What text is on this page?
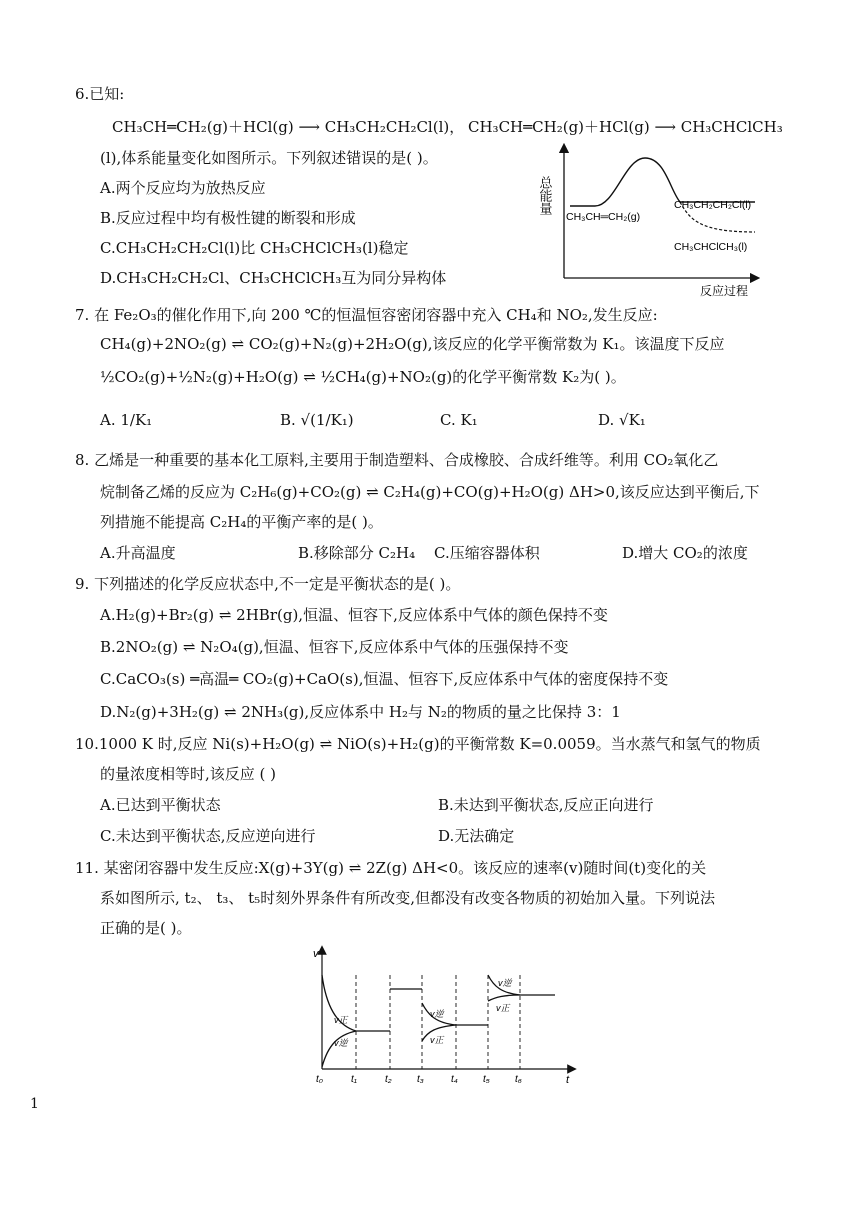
6.已知:
CH₃CH═CH₂(g)＋HCl(g) ⟶ CH₃CH₂CH₂Cl(l)， CH₃CH═CH₂(g)＋HCl(g) ⟶ CH₃CHClCH₃
(l),体系能量变化如图所示。下列叙述错误的是( )。
A.两个反应均为放热反应
B.反应过程中均有极性键的断裂和形成
C.CH₃CH₂CH₂Cl(l)比 CH₃CHClCH₃(l)稳定
D.CH₃CH₂CH₂Cl、CH₃CHClCH₃互为同分异构体
总能量
反应过程
CH₃CH₂CH₂Cl(l)
CH₃CH═CH₂(g)
CH₃CHClCH₃(l)
7. 在 Fe₂O₃的催化作用下,向 200 ℃的恒温恒容密闭容器中充入 CH₄和 NO₂,发生反应:
CH₄(g)+2NO₂(g) ⇌ CO₂(g)+N₂(g)+2H₂O(g),该反应的化学平衡常数为 K₁。该温度下反应
½CO₂(g)+½N₂(g)+H₂O(g) ⇌ ½CH₄(g)+NO₂(g)的化学平衡常数 K₂为( )。
A. 1/K₁	B. √(1/K₁)	C. K₁	D. √K₁
8. 乙烯是一种重要的基本化工原料,主要用于制造塑料、合成橡胶、合成纤维等。利用 CO₂氧化乙
烷制备乙烯的反应为 C₂H₆(g)+CO₂(g) ⇌ C₂H₄(g)+CO(g)+H₂O(g) ΔH>0,该反应达到平衡后,下
列措施不能提高 C₂H₄的平衡产率的是( )。
A.升高温度	B.移除部分 C₂H₄ C.压缩容器体积	D.增大 CO₂的浓度
9. 下列描述的化学反应状态中,不一定是平衡状态的是( )。
A.H₂(g)+Br₂(g) ⇌ 2HBr(g),恒温、恒容下,反应体系中气体的颜色保持不变
B.2NO₂(g) ⇌ N₂O₄(g),恒温、恒容下,反应体系中气体的压强保持不变
C.CaCO₃(s) ═高温═ CO₂(g)+CaO(s),恒温、恒容下,反应体系中气体的密度保持不变
D.N₂(g)+3H₂(g) ⇌ 2NH₃(g),反应体系中 H₂与 N₂的物质的量之比保持 3：1
10.1000 K 时,反应 Ni(s)+H₂O(g) ⇌ NiO(s)+H₂(g)的平衡常数 K=0.0059。当水蒸气和氢气的物质
的量浓度相等时,该反应 ( )
A.已达到平衡状态	B.未达到平衡状态,反应正向进行
C.未达到平衡状态,反应逆向进行	D.无法确定
11. 某密闭容器中发生反应:X(g)+3Y(g) ⇌ 2Z(g) ΔH<0。该反应的速率(v)随时间(t)变化的关
系如图所示, t₂、 t₃、 t₅时刻外界条件有所改变,但都没有改变各物质的初始加入量。下列说法
正确的是( )。
v
t
v正
v逆
v逆
v正
v逆
v正
t₀	t₁	t₂	t₃	t₄	t₅	t₆
1
